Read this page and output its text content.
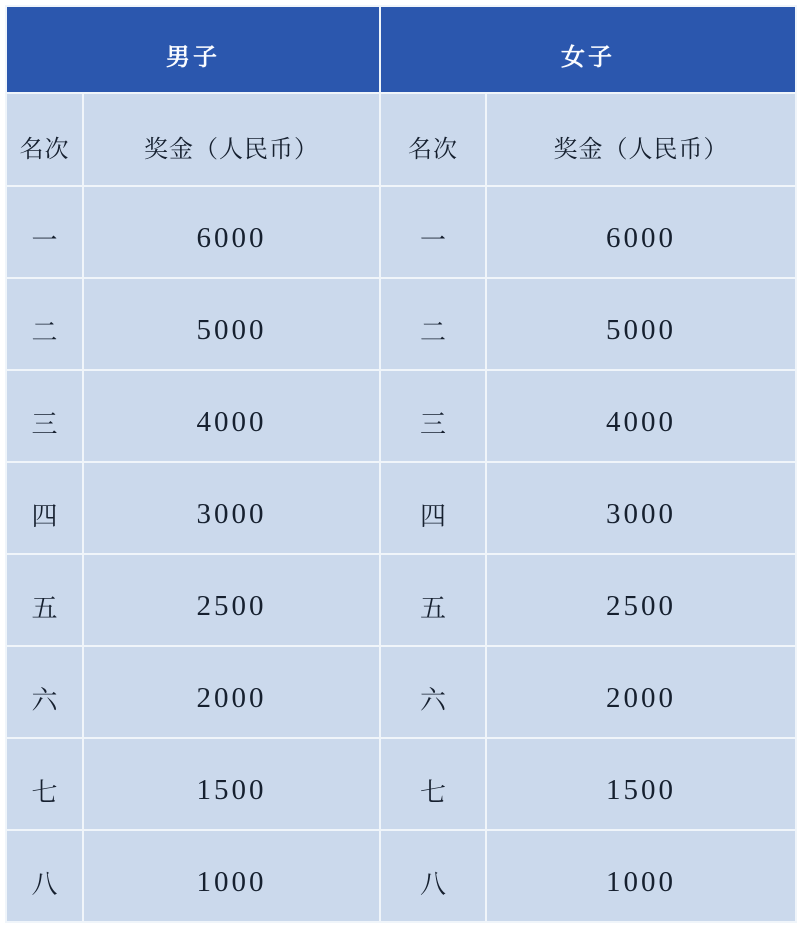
男子		女子	
名次	奖金（人民币）	名次	奖金（人民币）
一	6000	一	6000
二	5000	二	5000
三	4000	三	4000
四	3000	四	3000
五	2500	五	2500
六	2000	六	2000
七	1500	七	1500
八	1000	八	1000
